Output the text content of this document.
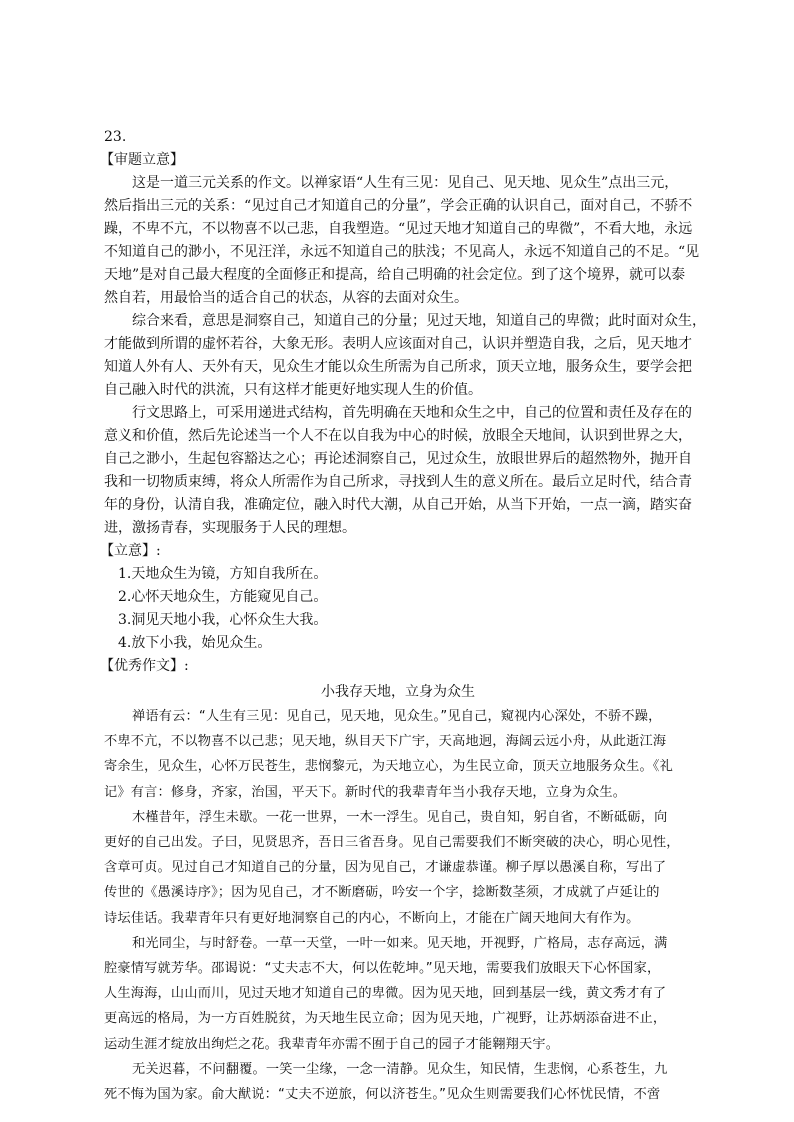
23.
【审题立意】
这是一道三元关系的作文。以禅家语“人生有三见：见自己、见天地、见众生”点出三元，
然后指出三元的关系：“见过自己才知道自己的分量”，学会正确的认识自己，面对自己，不骄不
躁，不卑不亢，不以物喜不以己悲，自我塑造。“见过天地才知道自己的卑微”，不看大地，永远
不知道自己的渺小，不见汪洋，永远不知道自己的肤浅；不见高人，永远不知道自己的不足。“见
天地”是对自己最大程度的全面修正和提高，给自己明确的社会定位。到了这个境界，就可以泰
然自若，用最恰当的适合自己的状态，从容的去面对众生。
综合来看，意思是洞察自己，知道自己的分量；见过天地，知道自己的卑微；此时面对众生，
才能做到所谓的虚怀若谷，大象无形。表明人应该面对自己，认识并塑造自我，之后，见天地才
知道人外有人、天外有天，见众生才能以众生所需为自己所求，顶天立地，服务众生，要学会把
自己融入时代的洪流，只有这样才能更好地实现人生的价值。
行文思路上，可采用递进式结构，首先明确在天地和众生之中，自己的位置和责任及存在的
意义和价值，然后先论述当一个人不在以自我为中心的时候，放眼全天地间，认识到世界之大，
自己之渺小，生起包容豁达之心；再论述洞察自己，见过众生，放眼世界后的超然物外，抛开自
我和一切物质束缚，将众人所需作为自己所求，寻找到人生的意义所在。最后立足时代，结合青
年的身份，认清自我，准确定位，融入时代大潮，从自己开始，从当下开始，一点一滴，踏实奋
进，激扬青春，实现服务于人民的理想。
【立意】:
1.天地众生为镜，方知自我所在。
2.心怀天地众生，方能窥见自己。
3.洞见天地小我，心怀众生大我。
4.放下小我，始见众生。
【优秀作文】:
小我存天地，立身为众生
禅语有云：“人生有三见：见自己，见天地，见众生。”见自己，窥视内心深处，不骄不躁，
不卑不亢，不以物喜不以己悲；见天地，纵目天下广宇，天高地迥，海阔云远小舟，从此逝江海
寄余生，见众生，心怀万民苍生，悲悯黎元，为天地立心，为生民立命，顶天立地服务众生。《礼
记》有言：修身，齐家，治国，平天下。新时代的我辈青年当小我存天地，立身为众生。
木槿昔年，浮生未歇。一花一世界，一木一浮生。见自己，贵自知，躬自省，不断砥砺，向
更好的自己出发。子曰，见贤思齐，吾日三省吾身。见自己需要我们不断突破的决心，明心见性，
含章可贞。见过自己才知道自己的分量，因为见自己，才谦虚恭谨。柳子厚以愚溪自称，写出了
传世的《愚溪诗序》；因为见自己，才不断磨砺，吟安一个字，捻断数茎须，才成就了卢延让的
诗坛佳话。我辈青年只有更好地洞察自己的内心，不断向上，才能在广阔天地间大有作为。
和光同尘，与时舒卷。一草一天堂，一叶一如来。见天地，开视野，广格局，志存高远，满
腔豪情写就芳华。邵谒说：“丈夫志不大，何以佐乾坤。”见天地，需要我们放眼天下心怀国家，
人生海海，山山而川，见过天地才知道自己的卑微。因为见天地，回到基层一线，黄文秀才有了
更高远的格局，为一方百姓脱贫，为天地生民立命；因为见天地，广视野，让苏炳添奋进不止，
运动生涯才绽放出绚烂之花。我辈青年亦需不囿于自己的园子才能翱翔天宇。
无关迟暮，不问翻覆。一笑一尘缘，一念一清静。见众生，知民情，生悲悯，心系苍生，九
死不悔为国为家。俞大猷说：“丈夫不逆旅，何以济苍生。”见众生则需要我们心怀忧民情，不啻
